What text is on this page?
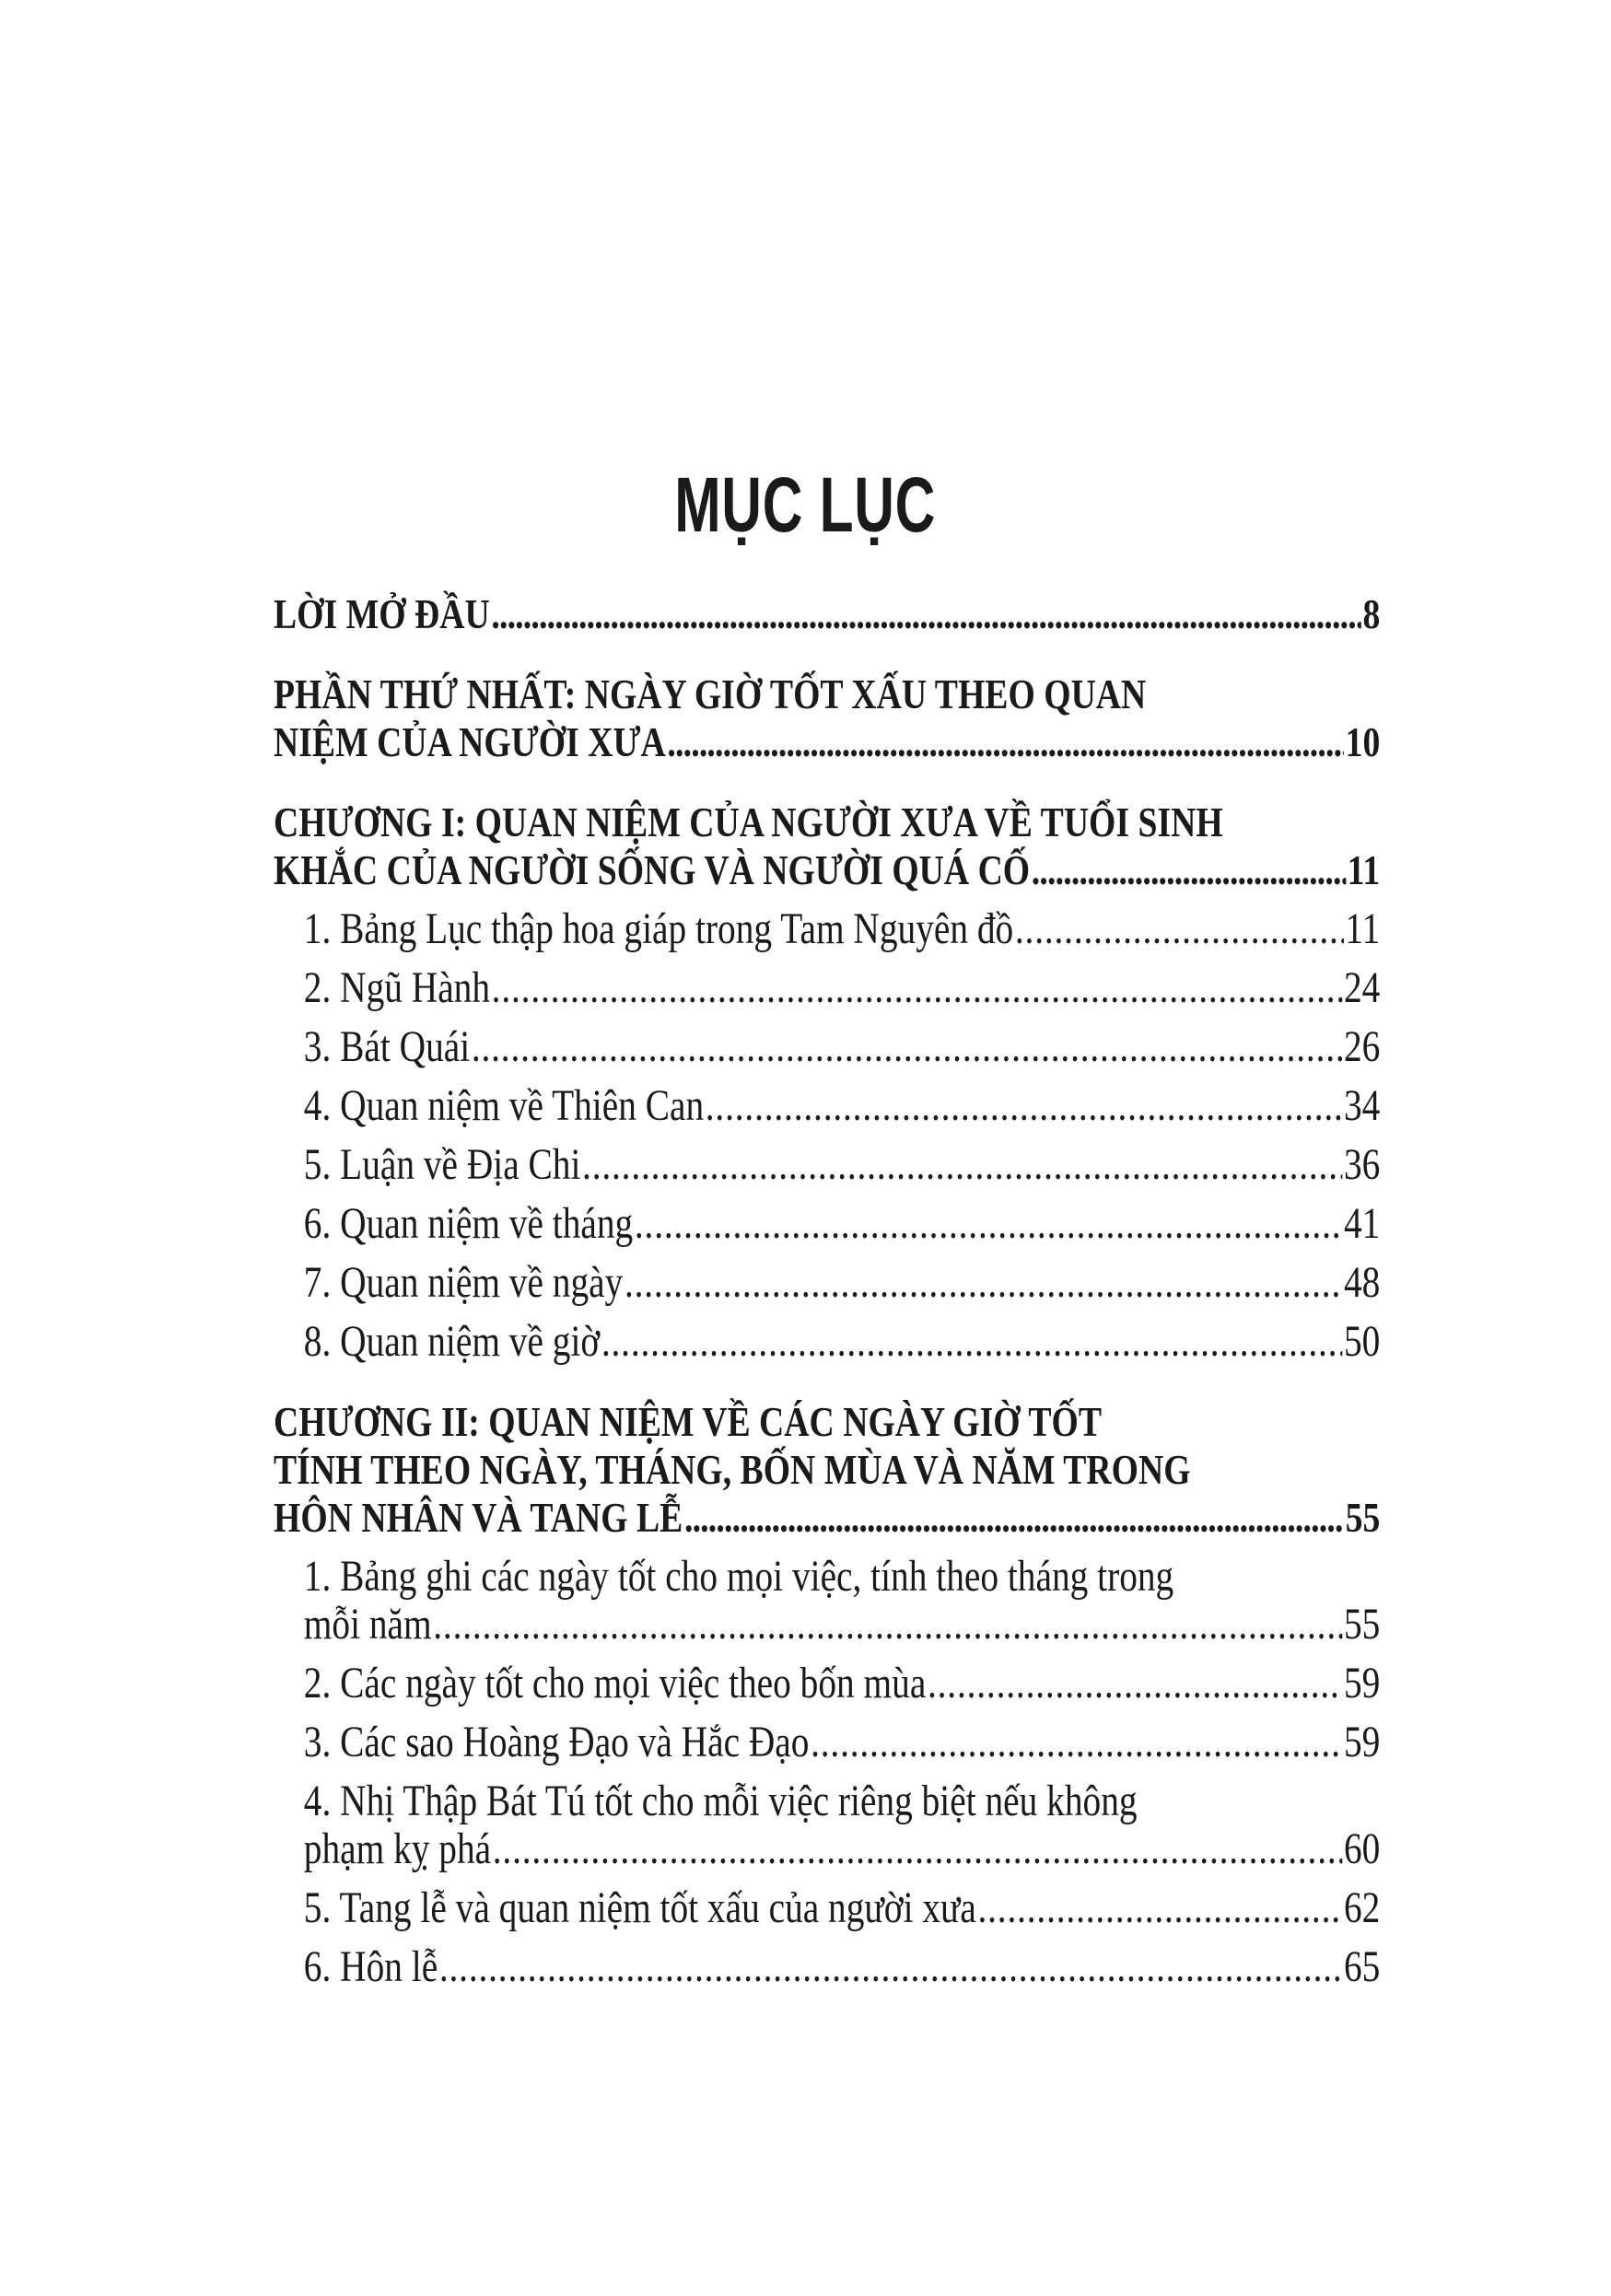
MỤC LỤC
LỜI MỞ ĐẦU .....	8
PHẦN THỨ NHẤT: NGÀY GIỜ TỐT XẤU THEO QUAN
NIỆM CỦA NGƯỜI XƯA .....	10
CHƯƠNG I: QUAN NIỆM CỦA NGƯỜI XƯA VỀ TUỔI SINH
KHẮC CỦA NGƯỜI SỐNG VÀ NGƯỜI QUÁ CỐ .....	11
1. Bảng Lục thập hoa giáp trong Tam Nguyên đồ .....	11
2. Ngũ Hành .....	24
3. Bát Quái .....	26
4. Quan niệm về Thiên Can .....	34
5. Luận về Địa Chi .....	36
6. Quan niệm về tháng .....	41
7. Quan niệm về ngày .....	48
8. Quan niệm về giờ .....	50
CHƯƠNG II: QUAN NIỆM VỀ CÁC NGÀY GIỜ TỐT
TÍNH THEO NGÀY, THÁNG, BỐN MÙA VÀ NĂM TRONG
HÔN NHÂN VÀ TANG LỄ .....	55
1. Bảng ghi các ngày tốt cho mọi việc, tính theo tháng trong
mỗi năm .....	55
2. Các ngày tốt cho mọi việc theo bốn mùa .....	59
3. Các sao Hoàng Đạo và Hắc Đạo .....	59
4. Nhị Thập Bát Tú tốt cho mỗi việc riêng biệt nếu không
phạm kỵ phá .....	60
5. Tang lễ và quan niệm tốt xấu của người xưa .....	62
6. Hôn lễ .....	65
